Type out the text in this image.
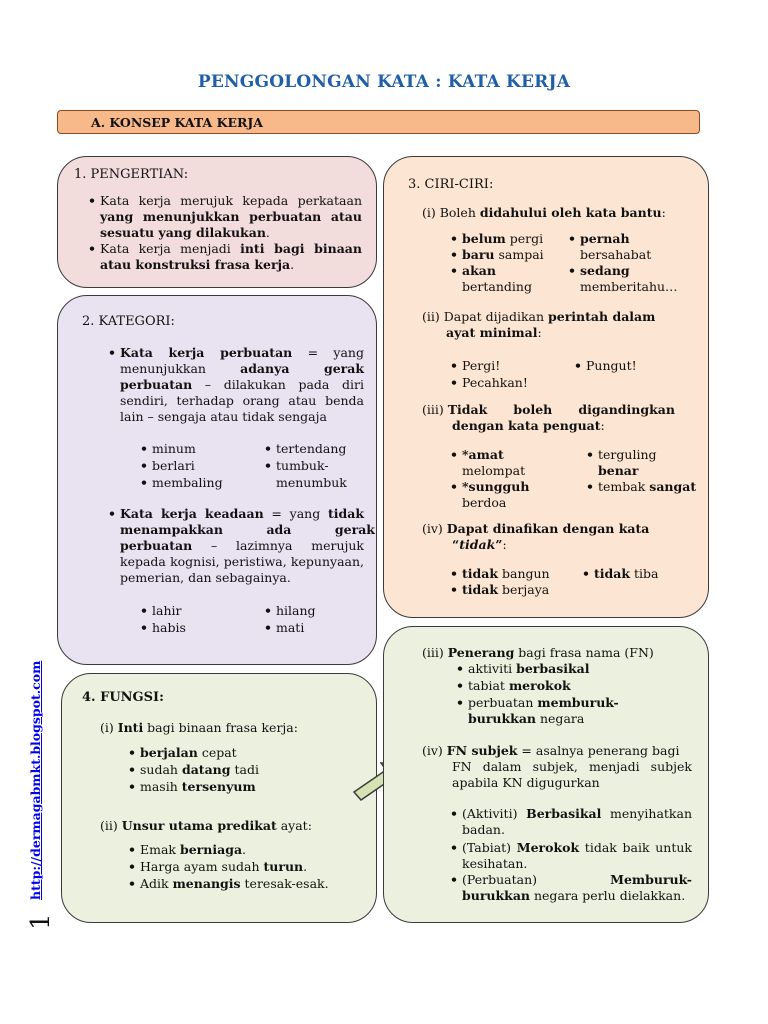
PENGGOLONGAN KATA : KATA KERJA
A. KONSEP KATA KERJA
1. PENGERTIAN:
• Kata kerja merujuk kepada perkataan yang menunjukkan perbuatan atau sesuatu yang dilakukan.
• Kata kerja menjadi inti bagi binaan atau konstruksi frasa kerja.
2. KATEGORI:
• Kata kerja perbuatan = yang menunjukkan adanya gerak perbuatan – dilakukan pada diri sendiri, terhadap orang atau benda lain – sengaja atau tidak sengaja
• minum
• berlari
• membaling
• tertendang
• tumbuk-
menumbuk
• Kata kerja keadaan = yang tidak menampakkan          ada          gerak perbuatan – lazimnya merujuk kepada kognisi, peristiwa, kepunyaan, pemerian, dan sebagainya.
• lahir
• habis
• hilang
• mati
3. CIRI-CIRI:
(i) Boleh didahului oleh kata bantu:
• belum pergi
• baru sampai
• akan
bertanding
• pernah
bersahabat
• sedang
memberitahu…
(ii) Dapat dijadikan perintah dalam
ayat minimal:
• Pergi!
• Pecahkan!
• Pungut!
(iii) Tidak      boleh      digandingkan
dengan kata penguat:
• *amat
melompat
• *sungguh
berdoa
• terguling
benar
• tembak sangat
(iv) Dapat dinafikan dengan kata
“tidak”:
• tidak bangun
• tidak berjaya
• tidak tiba
4. FUNGSI:
(i) Inti bagi binaan frasa kerja:
• berjalan cepat
• sudah datang tadi
• masih tersenyum
(ii) Unsur utama predikat ayat:
• Emak berniaga.
• Harga ayam sudah turun.
• Adik menangis teresak-esak.
(iii) Penerang bagi frasa nama (FN)
• aktiviti berbasikal
• tabiat merokok
• perbuatan memburuk-
burukkan negara
(iv) FN subjek = asalnya penerang bagi
FN dalam subjek, menjadi subjek apabila KN digugurkan
• (Aktiviti) Berbasikal menyihatkan badan.
• (Tabiat) Merokok tidak baik untuk kesihatan.
• (Perbuatan) Memburuk- burukkan negara perlu dielakkan.
http://dermagabmkt.blogspot.com
1
